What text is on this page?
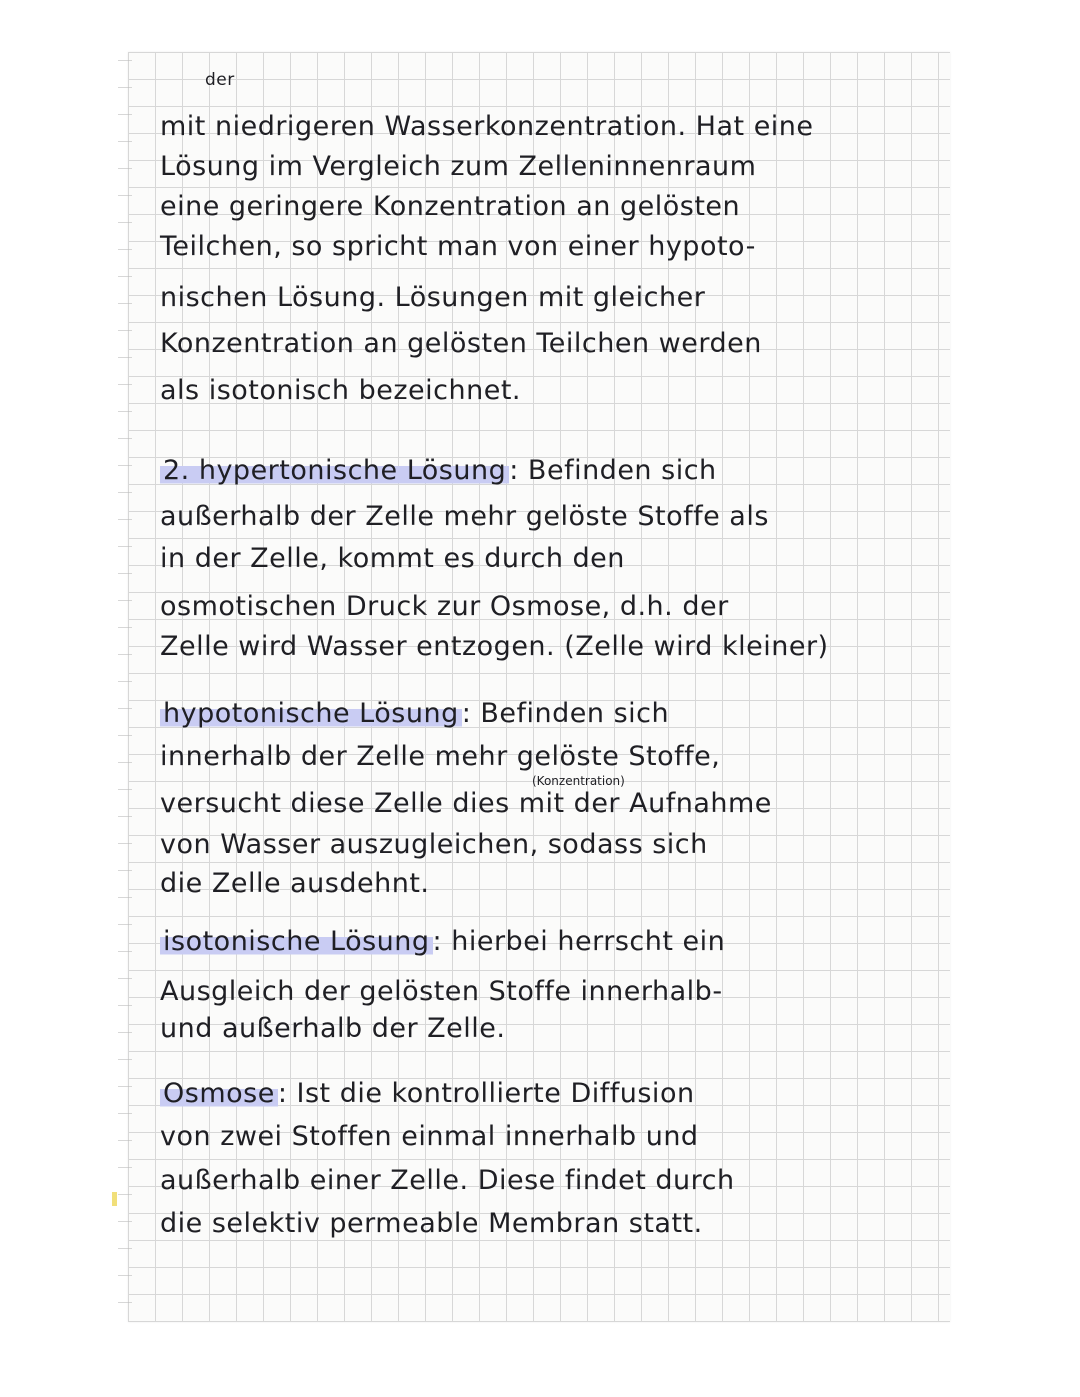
der
mit niedrigeren Wasserkonzentration. Hat eine
Lösung im Vergleich zum Zelleninnenraum
eine geringere Konzentration an gelösten
Teilchen, so spricht man von einer hypoto-
nischen Lösung. Lösungen mit gleicher
Konzentration an gelösten Teilchen werden
als isotonisch bezeichnet.
2. hypertonische Lösung : Befinden sich
außerhalb der Zelle mehr gelöste Stoffe als
in der Zelle, kommt es durch den
osmotischen Druck zur Osmose, d.h. der
Zelle wird Wasser entzogen. (Zelle wird kleiner)
hypotonische Lösung : Befinden sich
innerhalb der Zelle mehr gelöste Stoffe,
(Konzentration)
versucht diese Zelle dies mit der Aufnahme
von Wasser auszugleichen, sodass sich
die Zelle ausdehnt.
isotonische Lösung : hierbei herrscht ein
Ausgleich der gelösten Stoffe innerhalb-
und außerhalb der Zelle.
Osmose : Ist die kontrollierte Diffusion
von zwei Stoffen einmal innerhalb und
außerhalb einer Zelle. Diese findet durch
die selektiv permeable Membran statt.
